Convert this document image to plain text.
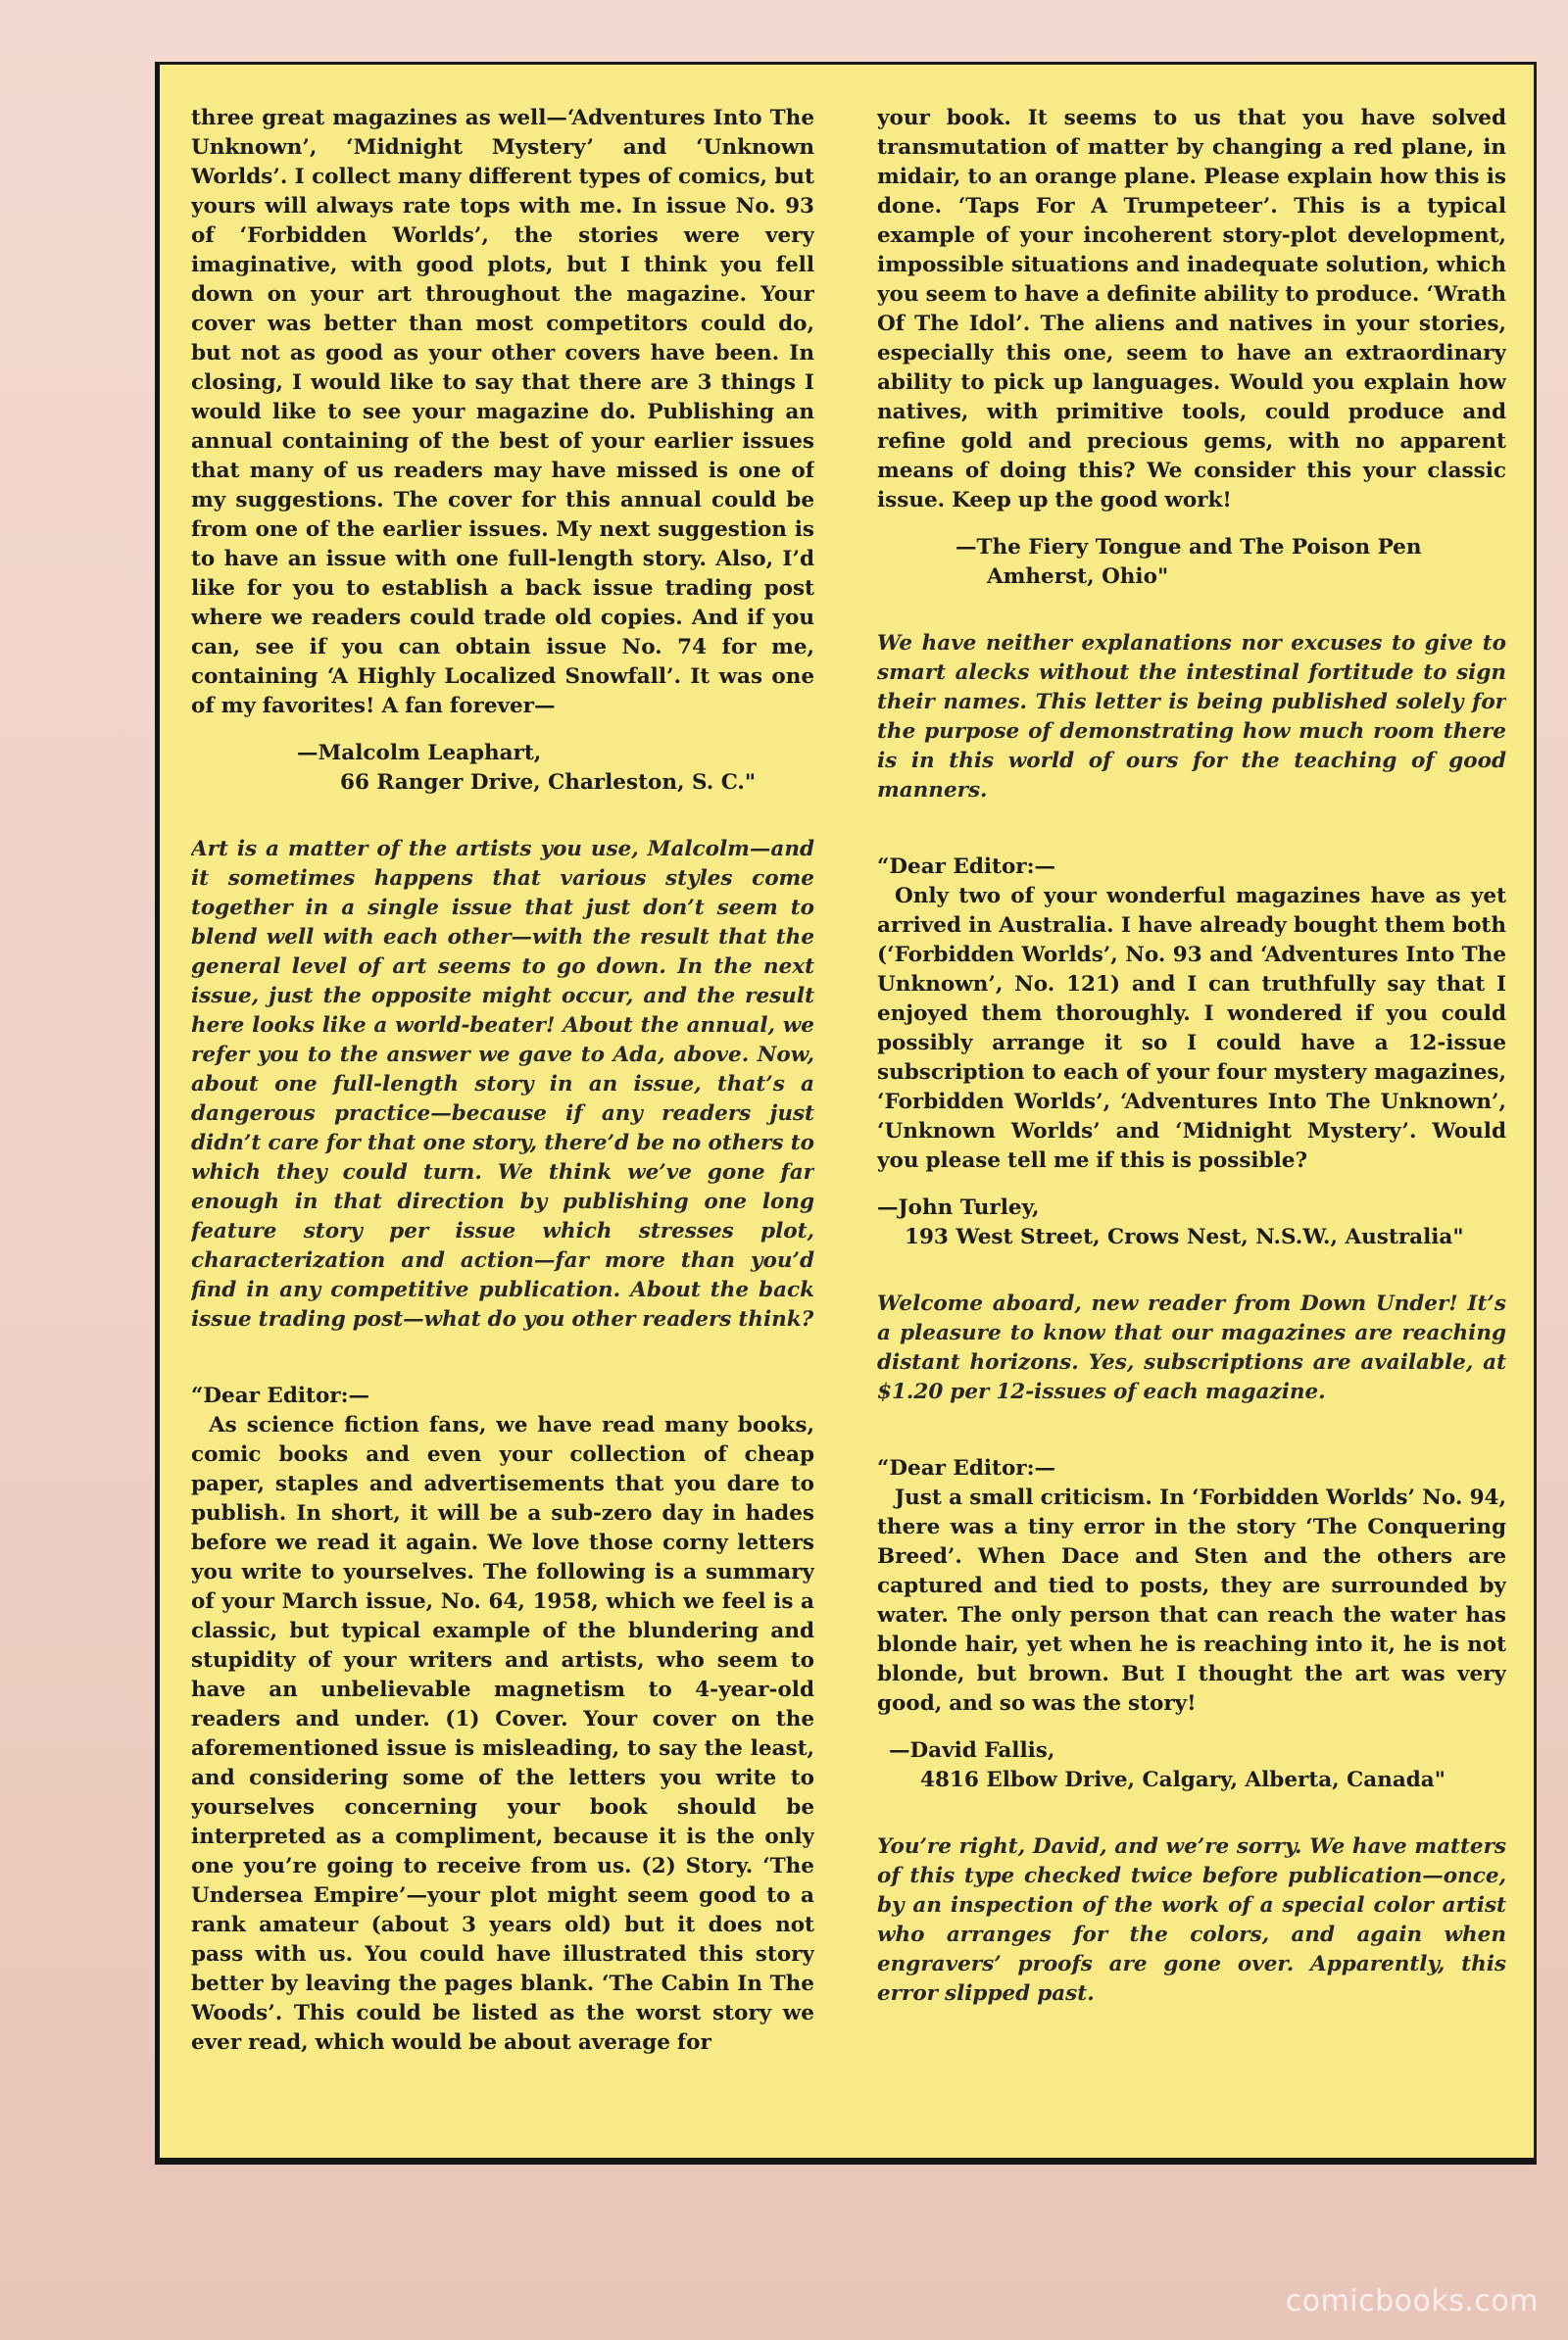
three great magazines as well—‘Adventures Into The Unknown’, ‘Midnight Mystery’ and ‘Unknown Worlds’. I collect many different types of comics, but yours will always rate tops with me. In issue No. 93 of ‘Forbidden Worlds’, the stories were very imaginative, with good plots, but I think you fell down on your art throughout the magazine. Your cover was better than most competitors could do, but not as good as your other covers have been. In closing, I would like to say that there are 3 things I would like to see your magazine do. Publishing an annual containing of the best of your earlier issues that many of us readers may have missed is one of my suggestions. The cover for this annual could be from one of the earlier issues. My next suggestion is to have an issue with one full-length story. Also, I’d like for you to establish a back issue trading post where we readers could trade old copies. And if you can, see if you can obtain issue No. 74 for me, containing ‘A Highly Localized Snowfall’. It was one of my favorites! A fan forever—

—Malcolm Leaphart,
66 Ranger Drive, Charleston, S. C."

Art is a matter of the artists you use, Malcolm—and it sometimes happens that various styles come together in a single issue that just don’t seem to blend well with each other—with the result that the general level of art seems to go down. In the next issue, just the opposite might occur, and the result here looks like a world-beater! About the annual, we refer you to the answer we gave to Ada, above. Now, about one full-length story in an issue, that’s a dangerous practice—because if any readers just didn’t care for that one story, there’d be no others to which they could turn. We think we’ve gone far enough in that direction by publishing one long feature story per issue which stresses plot, characterization and action—far more than you’d find in any competitive publication. About the back issue trading post—what do you other readers think?

“Dear Editor:—

As science fiction fans, we have read many books, comic books and even your collection of cheap paper, staples and advertisements that you dare to publish. In short, it will be a sub-zero day in hades before we read it again. We love those corny letters you write to yourselves. The following is a summary of your March issue, No. 64, 1958, which we feel is a classic, but typical example of the blundering and stupidity of your writers and artists, who seem to have an unbelievable magnetism to 4-year-old readers and under. (1) Cover. Your cover on the aforementioned issue is misleading, to say the least, and considering some of the letters you write to yourselves concerning your book should be interpreted as a compliment, because it is the only one you’re going to receive from us. (2) Story. ‘The Undersea Empire’—your plot might seem good to a rank amateur (about 3 years old) but it does not pass with us. You could have illustrated this story better by leaving the pages blank. ‘The Cabin In The Woods’. This could be listed as the worst story we ever read, which would be about average for

your book. It seems to us that you have solved transmutation of matter by changing a red plane, in midair, to an orange plane. Please explain how this is done. ‘Taps For A Trumpeteer’. This is a typical example of your incoherent story-plot development, impossible situations and inadequate solution, which you seem to have a definite ability to produce. ‘Wrath Of The Idol’. The aliens and natives in your stories, especially this one, seem to have an extraordinary ability to pick up languages. Would you explain how natives, with primitive tools, could produce and refine gold and precious gems, with no apparent means of doing this? We consider this your classic issue. Keep up the good work!

—The Fiery Tongue and The Poison Pen
Amherst, Ohio"

We have neither explanations nor excuses to give to smart alecks without the intestinal fortitude to sign their names. This letter is being published solely for the purpose of demonstrating how much room there is in this world of ours for the teaching of good manners.

“Dear Editor:—

Only two of your wonderful magazines have as yet arrived in Australia. I have already bought them both (‘Forbidden Worlds’, No. 93 and ‘Adventures Into The Unknown’, No. 121) and I can truthfully say that I enjoyed them thoroughly. I wondered if you could possibly arrange it so I could have a 12-issue subscription to each of your four mystery magazines, ‘Forbidden Worlds’, ‘Adventures Into The Unknown’, ‘Unknown Worlds’ and ‘Midnight Mystery’. Would you please tell me if this is possible?

—John Turley,
193 West Street, Crows Nest, N.S.W., Australia"

Welcome aboard, new reader from Down Under! It’s a pleasure to know that our magazines are reaching distant horizons. Yes, subscriptions are available, at $1.20 per 12-issues of each magazine.

“Dear Editor:—

Just a small criticism. In ‘Forbidden Worlds’ No. 94, there was a tiny error in the story ‘The Conquering Breed’. When Dace and Sten and the others are captured and tied to posts, they are surrounded by water. The only person that can reach the water has blonde hair, yet when he is reaching into it, he is not blonde, but brown. But I thought the art was very good, and so was the story!

—David Fallis,
4816 Elbow Drive, Calgary, Alberta, Canada"

You’re right, David, and we’re sorry. We have matters of this type checked twice before publication—once, by an inspection of the work of a special color artist who arranges for the colors, and again when engravers’ proofs are gone over. Apparently, this error slipped past.

comicbooks.com
